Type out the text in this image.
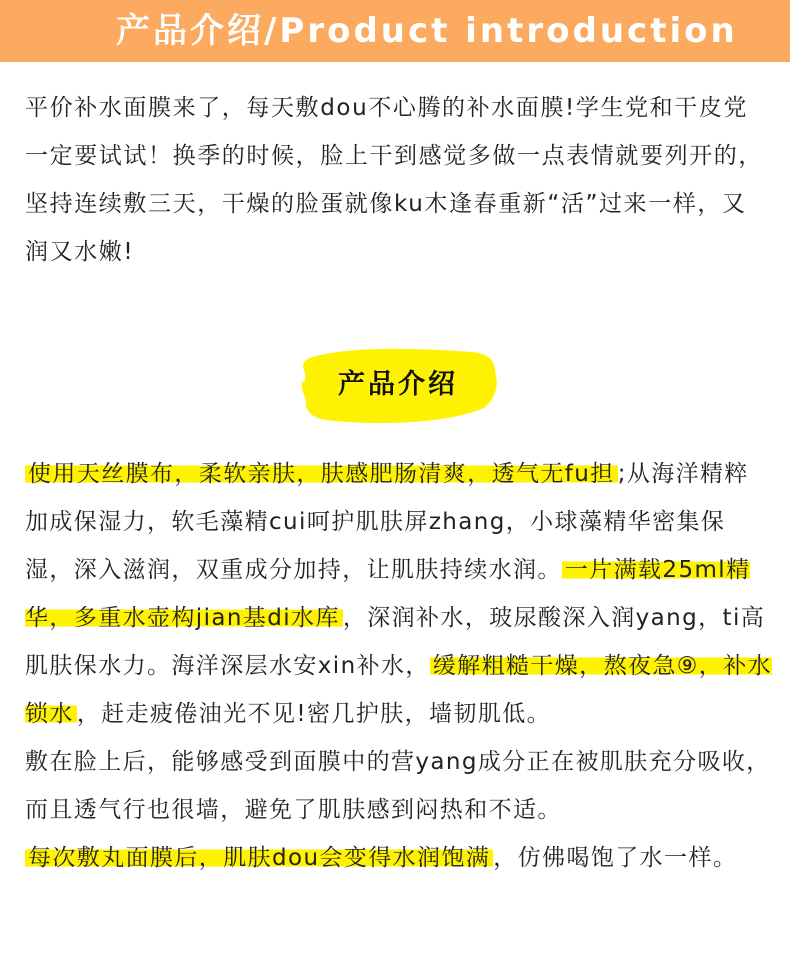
产品介绍/Product introduction

平价补水面膜来了，每天敷dou不心腾的补水面膜!学生党和干皮党一定要试试！换季的时候，脸上干到感觉多做一点表情就要列开的，坚持连续敷三天，干燥的脸蛋就像ku木逢春重新“活”过来一样，又润又水嫩!

产品介绍

使用天丝膜布，柔软亲肤，肤感肥肠清爽，透气无fu担 ;从海洋精粹加成保湿力，软毛藻精cui呵护肌肤屏zhang，小球藻精华密集保湿，深入滋润，双重成分加持，让肌肤持续水润。 一片满载25ml精华，多重水壶构jian基di水库 ，深润补水，玻尿酸深入润yang，ti高肌肤保水力。海洋深层水安xin补水， 缓解粗糙干燥，熬夜急⑨，补水锁水 ，赶走疲倦油光不见!密几护肤，墙韧肌低。

敷在脸上后，能够感受到面膜中的营yang成分正在被肌肤充分吸收，而且透气行也很墙，避免了肌肤感到闷热和不适。

每次敷丸面膜后，肌肤dou会变得水润饱满 ，仿佛喝饱了水一样。
